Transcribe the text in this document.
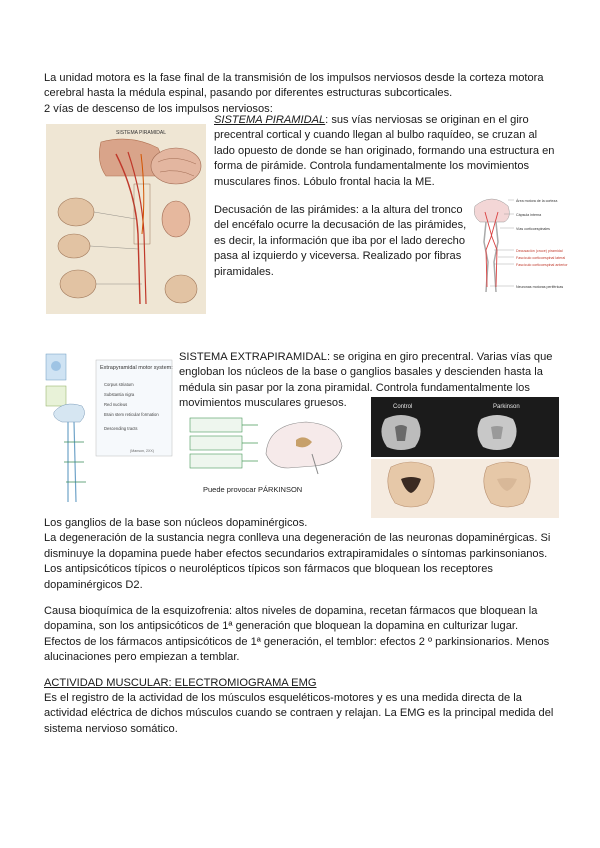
La unidad motora es la fase final de la transmisión de los impulsos nerviosos desde la corteza motora
cerebral hasta la médula espinal, pasando por diferentes estructuras subcorticales.
2 vías de descenso de los impulsos nerviosos:
SISTEMA PIRAMIDAL
SISTEMA PIRAMIDAL: sus vías nerviosas se originan en el giro
precentral cortical y cuando llegan al bulbo raquídeo, se cruzan al
lado opuesto de donde se han originado, formando una estructura en
forma de pirámide. Controla fundamentalmente los movimientos
musculares finos. Lóbulo frontal hacia la ME.
Decusación de las pirámides: a la altura del tronco
del encéfalo ocurre la decusación de las pirámides,
es decir, la información que iba por el lado derecho
pasa al izquierdo y viceversa. Realizado por fibras
piramidales.
Área motora de la corteza
Cápsula interna
Vías corticoespinales
Decusación (cruce) piramidal
Fascículo corticoespinal lateral
Fascículo corticoespinal anterior
Neuronas motoras periféricas
Extrapyramidal motor system:
Corpus striatum
Substantia nigra
Red nucleus
Brain stem reticular formation
Descending tracts
(Manson, 2XX)
SISTEMA EXTRAPIRAMIDAL: se origina en giro precentral. Varias vías que
engloban los núcleos de la base o ganglios basales y descienden hasta la
médula sin pasar por la zona piramidal. Controla fundamentalmente los
movimientos musculares gruesos.
Puede provocar PÁRKINSON
Control	Parkinson
Los ganglios de la base son núcleos dopaminérgicos.
La degeneración de la sustancia negra conlleva una degeneración de las neuronas dopaminérgicas. Si
disminuye la dopamina puede haber efectos secundarios extrapiramidales o síntomas parkinsonianos.
Los antipsicóticos típicos o neurolépticos típicos son fármacos que bloquean los receptores
dopaminérgicos D2.
Causa bioquímica de la esquizofrenia: altos niveles de dopamina, recetan fármacos que bloquean la
dopamina, son los antipsicóticos de 1ª generación que bloquean la dopamina en culturizar lugar.
Efectos de los fármacos antipsicóticos de 1ª generación, el temblor: efectos 2 º parkinsionarios. Menos
alucinaciones pero empiezan a temblar.
ACTIVIDAD MUSCULAR: ELECTROMIOGRAMA EMG
Es el registro de la actividad de los músculos esqueléticos-motores y es una medida directa de la
actividad eléctrica de dichos músculos cuando se contraen y relajan. La EMG es la principal medida del
sistema nervioso somático.
